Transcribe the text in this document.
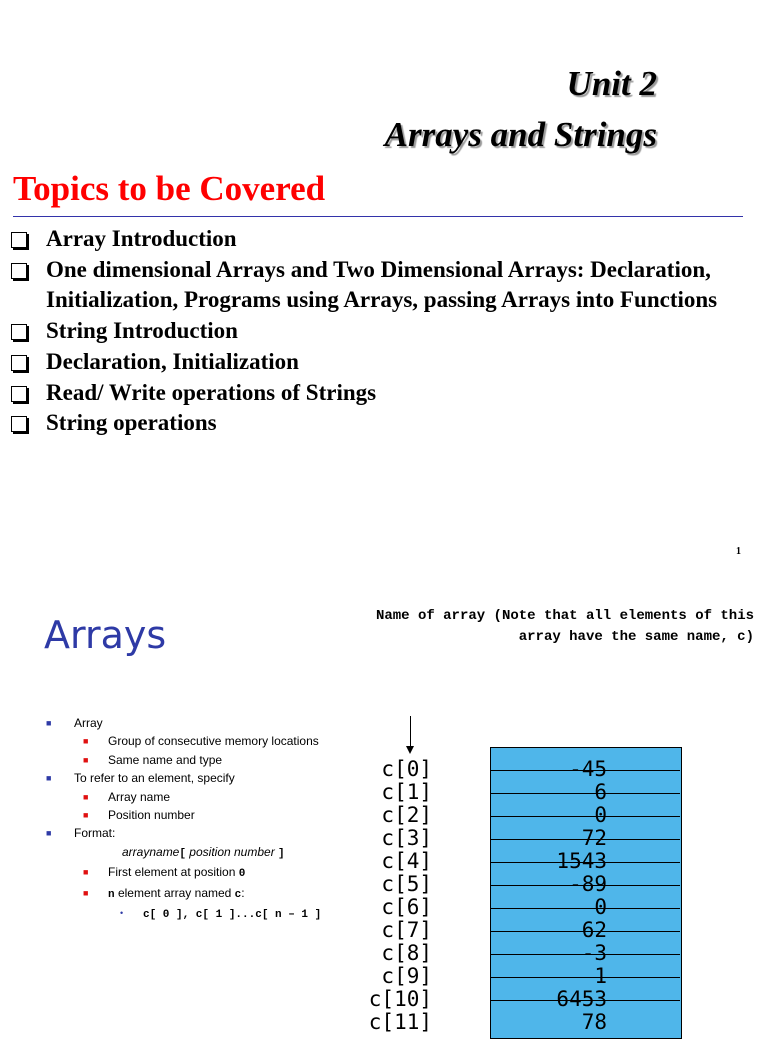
Unit 2
Arrays and Strings
Topics to be Covered
Array Introduction
One dimensional Arrays and Two Dimensional Arrays: Declaration, Initialization, Programs using Arrays, passing Arrays into Functions
String Introduction
Declaration, Initialization
Read/ Write operations of Strings
String operations
1
Arrays	Name of array (Note that all elements of this array have the same name, c)
■ Array
■ Group of consecutive memory locations
■ Same name and type
■ To refer to an element, specify
■ Array name
■ Position number
■ Format:
arrayname[ position number ]
■ First element at position 0
■ n element array named c:
• c[ 0 ], c[ 1 ]...c[ n – 1 ]
c[0]	-45
c[1]	6
c[2]	0
c[3]	72
c[4]	1543
c[5]	-89
c[6]	0
c[7]	62
c[8]	-3
c[9]	1
c[10]	6453
c[11]	78
